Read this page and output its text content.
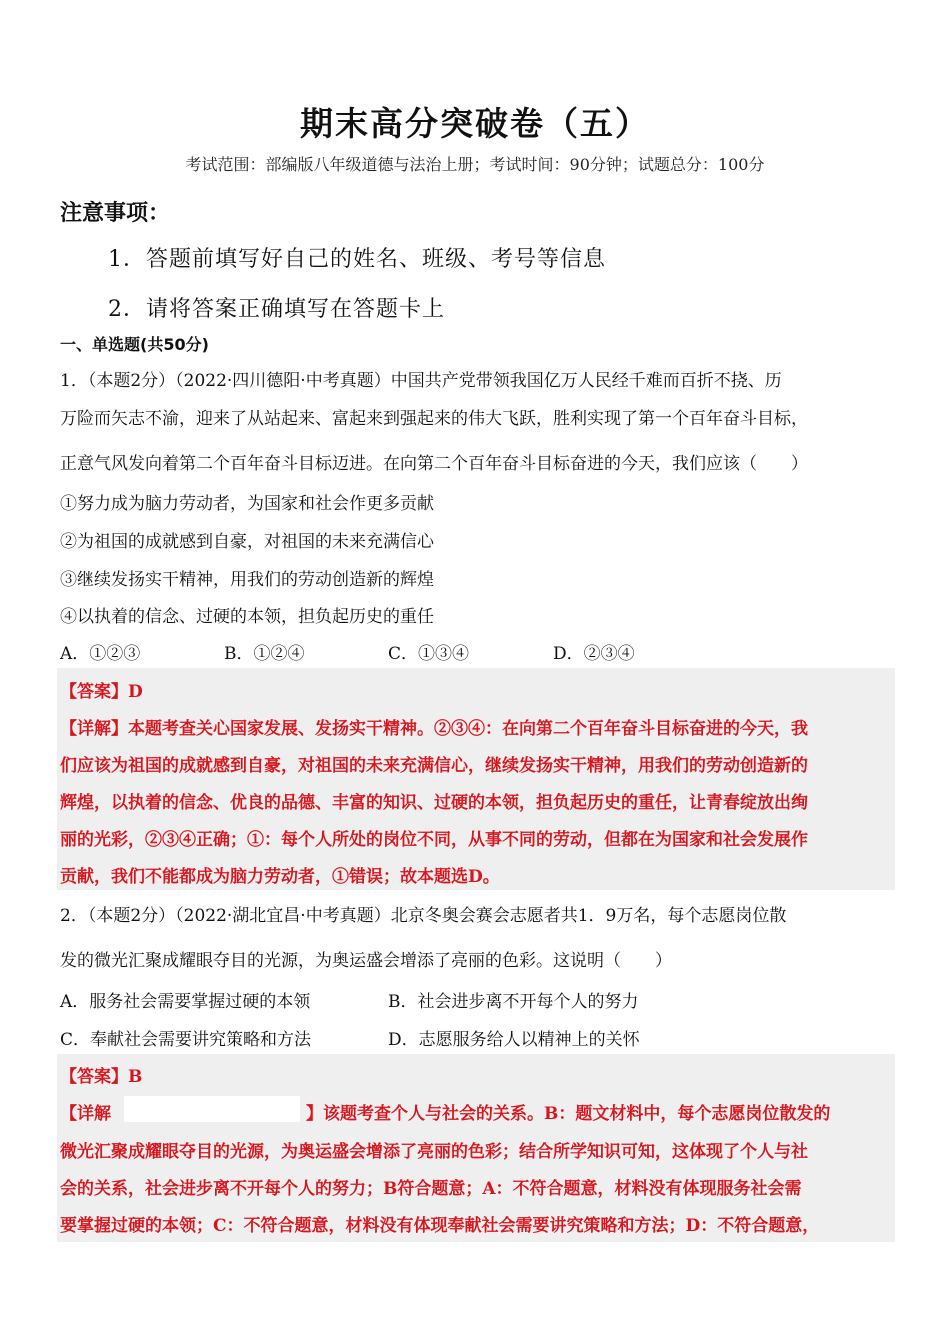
期末高分突破卷（五）
考试范围：部编版八年级道德与法治上册；考试时间：90分钟；试题总分：100分
注意事项：
1．答题前填写好自己的姓名、班级、考号等信息
2．请将答案正确填写在答题卡上
一、单选题(共50分)
1．（本题2分）（2022·四川德阳·中考真题）中国共产党带领我国亿万人民经千难而百折不挠、历
万险而矢志不渝，迎来了从站起来、富起来到强起来的伟大飞跃，胜利实现了第一个百年奋斗目标，
正意气风发向着第二个百年奋斗目标迈进。在向第二个百年奋斗目标奋进的今天，我们应该（　　）
①努力成为脑力劳动者，为国家和社会作更多贡献
②为祖国的成就感到自豪，对祖国的未来充满信心
③继续发扬实干精神，用我们的劳动创造新的辉煌
④以执着的信念、过硬的本领，担负起历史的重任
A．①②③	B．①②④	C．①③④	D．②③④
【答案】D
【详解】本题考查关心国家发展、发扬实干精神。②③④：在向第二个百年奋斗目标奋进的今天，我
们应该为祖国的成就感到自豪，对祖国的未来充满信心，继续发扬实干精神，用我们的劳动创造新的
辉煌，以执着的信念、优良的品德、丰富的知识、过硬的本领，担负起历史的重任，让青春绽放出绚
丽的光彩，②③④正确；①：每个人所处的岗位不同，从事不同的劳动，但都在为国家和社会发展作
贡献，我们不能都成为脑力劳动者，①错误；故本题选D。
2．（本题2分）（2022·湖北宜昌·中考真题）北京冬奥会赛会志愿者共1．9万名，每个志愿岗位散
发的微光汇聚成耀眼夺目的光源，为奥运盛会增添了亮丽的色彩。这说明（　　）
A．服务社会需要掌握过硬的本领	B．社会进步离不开每个人的努力
C．奉献社会需要讲究策略和方法	D．志愿服务给人以精神上的关怀
【答案】B
【详解	】该题考查个人与社会的关系。B：题文材料中，每个志愿岗位散发的
微光汇聚成耀眼夺目的光源，为奥运盛会增添了亮丽的色彩；结合所学知识可知，这体现了个人与社
会的关系，社会进步离不开每个人的努力；B符合题意；A：不符合题意，材料没有体现服务社会需
要掌握过硬的本领；C：不符合题意，材料没有体现奉献社会需要讲究策略和方法；D：不符合题意，
